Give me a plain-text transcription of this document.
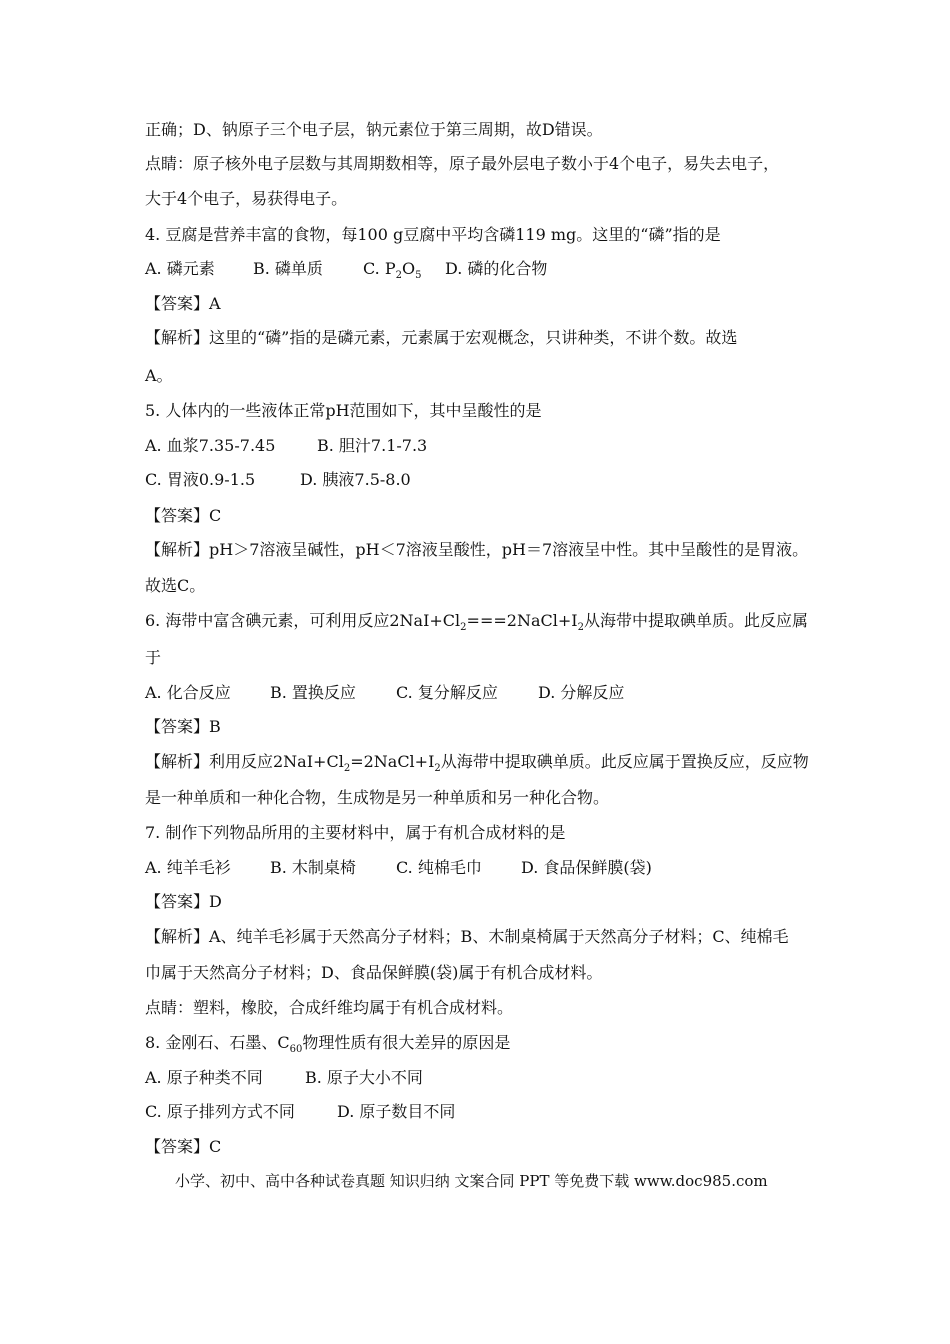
正确；D、钠原子三个电子层，钠元素位于第三周期，故D错误。
点睛：原子核外电子层数与其周期数相等，原子最外层电子数小于4个电子，易失去电子，
大于4个电子，易获得电子。
4. 豆腐是营养丰富的食物，每100 g豆腐中平均含磷119 mg。这里的“磷”指的是
A. 磷元素 B. 磷单质	C. $P_2O_5$ D. 磷的化合物
【答案】A
【解析】这里的“磷”指的是磷元素，元素属于宏观概念，只讲种类，不讲个数。故选
A。
5. 人体内的一些液体正常pH范围如下，其中呈酸性的是
A. 血浆7.35-7.45	B. 胆汁7.1-7.3
C. 胃液0.9-1.5	D. 胰液7.5-8.0
【答案】C
【解析】pH＞7溶液呈碱性，pH＜7溶液呈酸性，pH＝7溶液呈中性。其中呈酸性的是胃液。
故选C。
6. 海带中富含碘元素，可利用反应$2NaI+Cl_2===2NaCl+I_2$从海带中提取碘单质。此反应属
于
A. 化合反应 B. 置换反应	C. 复分解反应	D. 分解反应
【答案】B
【解析】利用反应$2NaI+Cl_2=2NaCl+I_2$从海带中提取碘单质。此反应属于置换反应，反应物
是一种单质和一种化合物，生成物是另一种单质和另一种化合物。
7. 制作下列物品所用的主要材料中，属于有机合成材料的是
A. 纯羊毛衫 B. 木制桌椅	C. 纯棉毛巾 D. 食品保鲜膜(袋)
【答案】D
【解析】A、纯羊毛衫属于天然高分子材料；B、木制桌椅属于天然高分子材料；C、纯棉毛
巾属于天然高分子材料；D、食品保鲜膜(袋)属于有机合成材料。
点睛：塑料，橡胶，合成纤维均属于有机合成材料。
8. 金刚石、石墨、$C_{60}$物理性质有很大差异的原因是
A. 原子种类不同	B. 原子大小不同
C. 原子排列方式不同	D. 原子数目不同
【答案】C
小学、初中、高中各种试卷真题 知识归纳 文案合同 PPT 等免费下载 www.doc985.com
